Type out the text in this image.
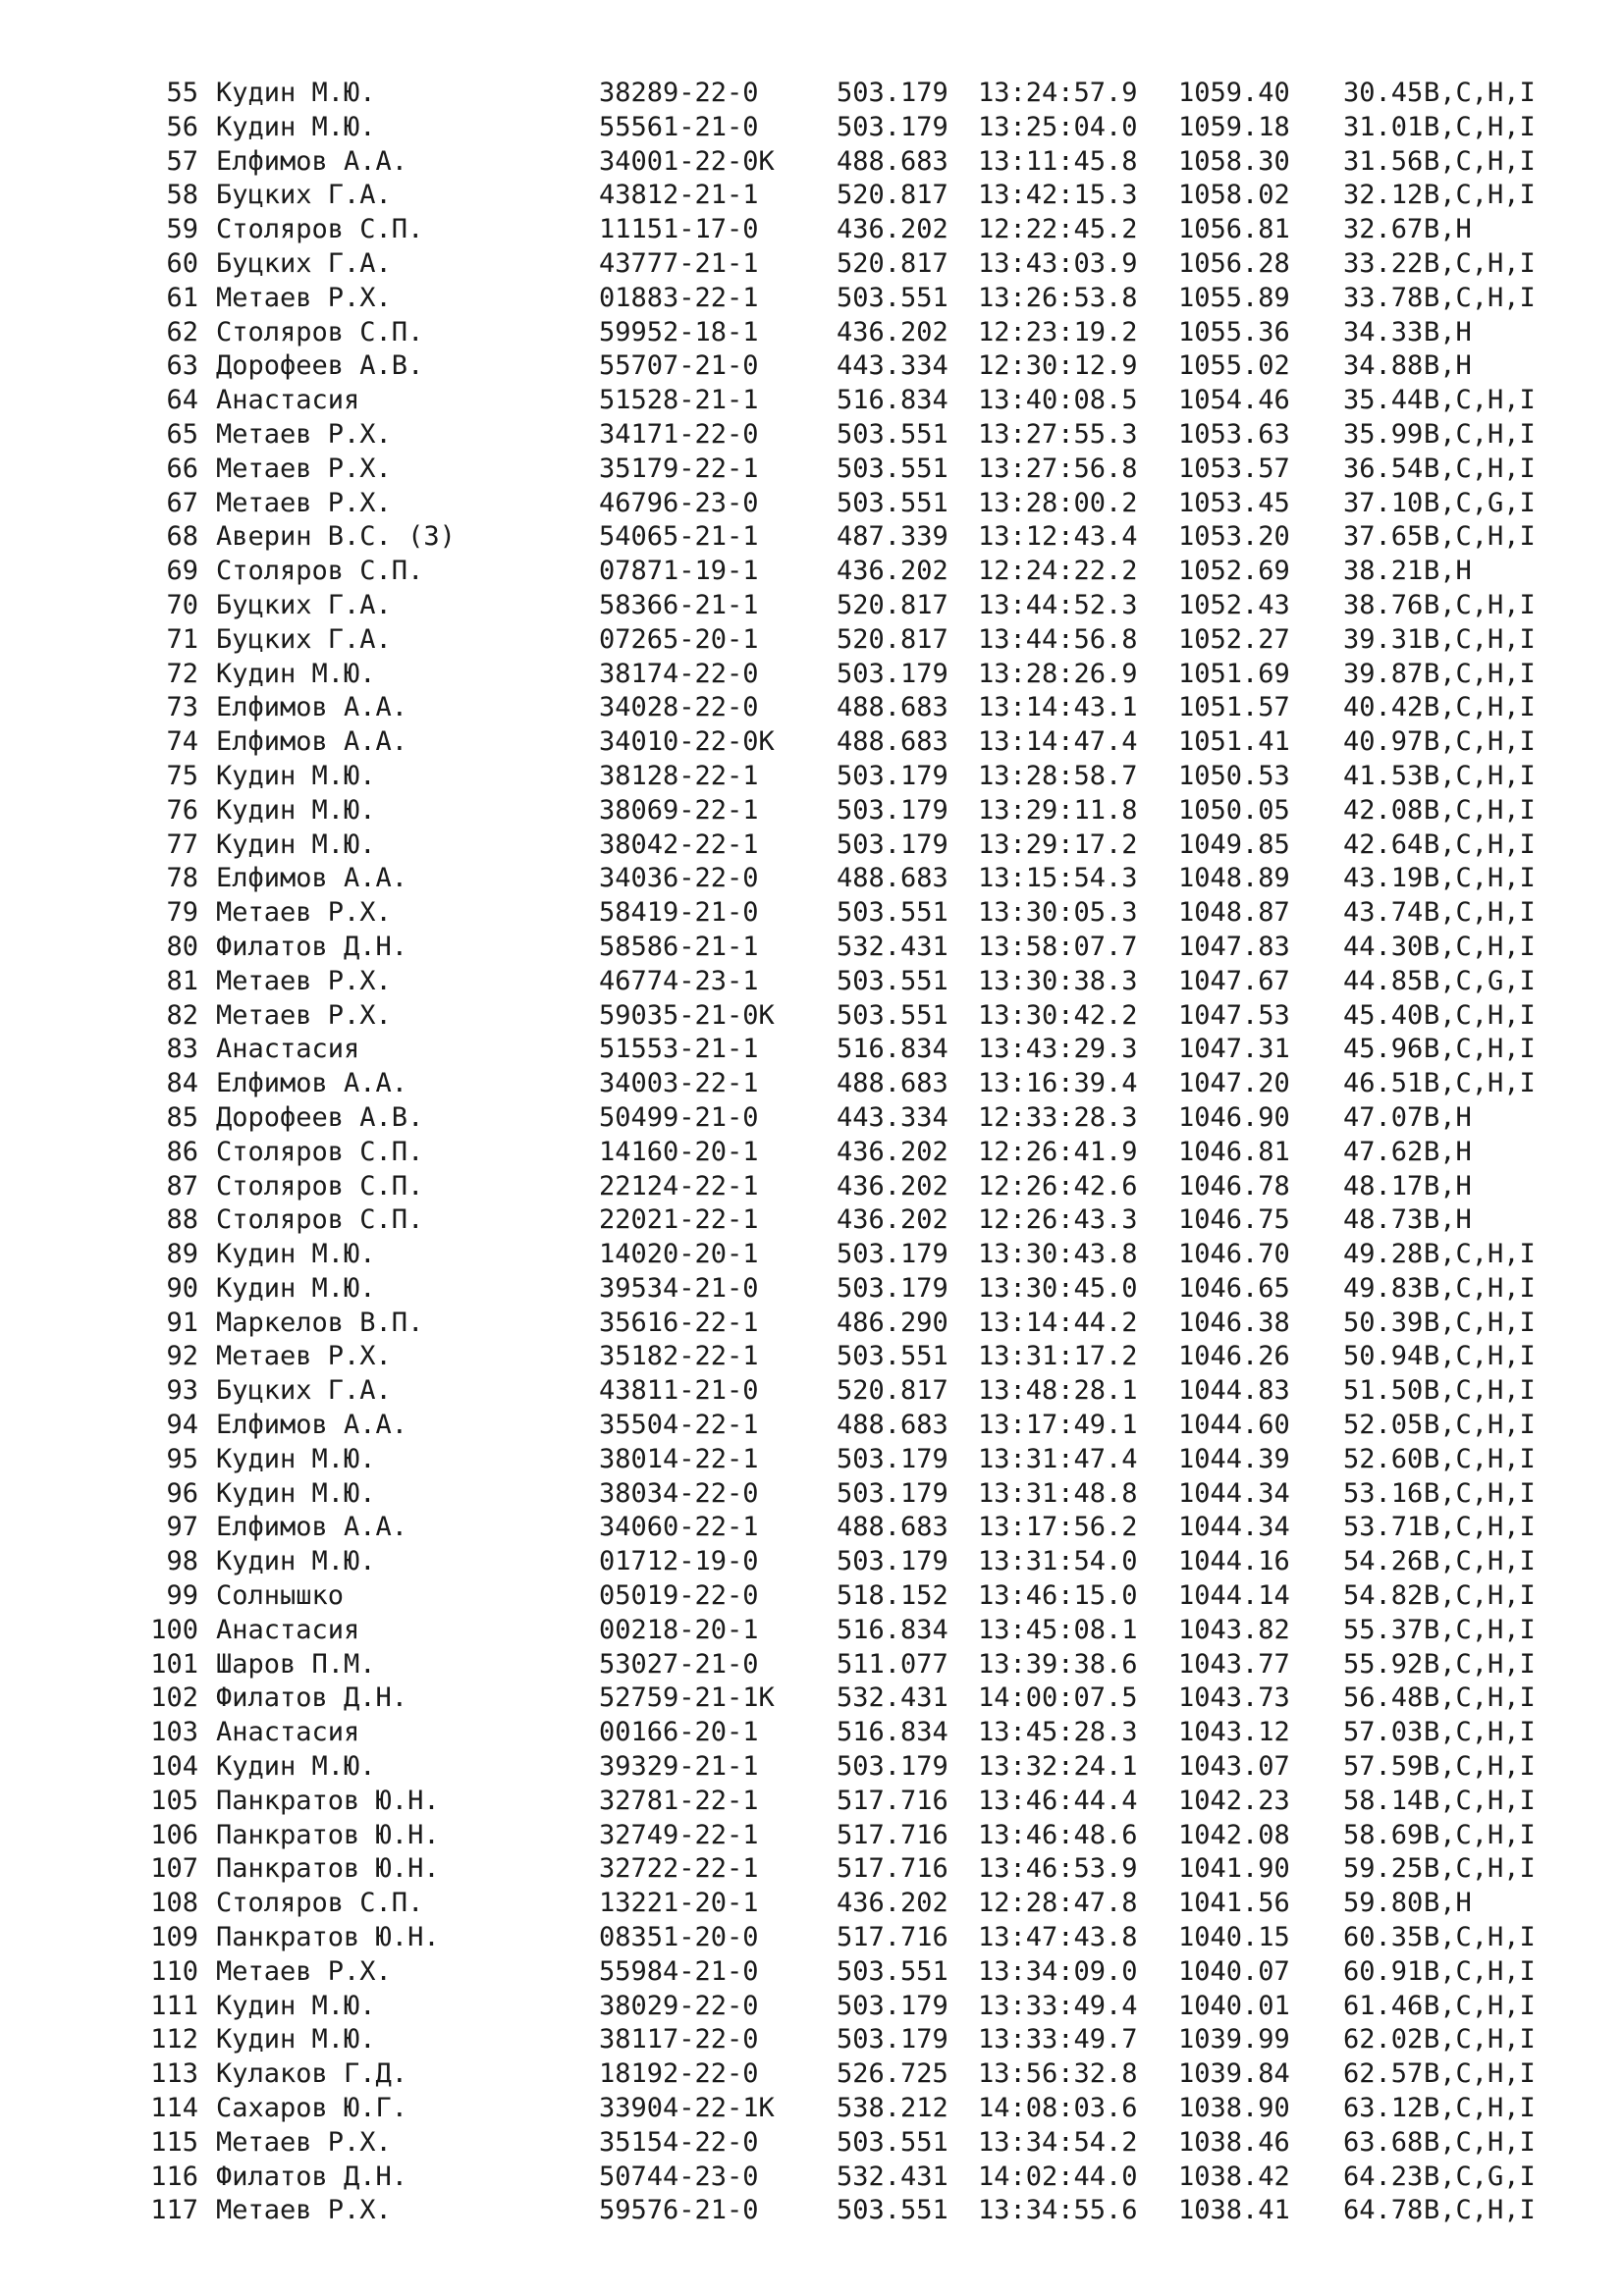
55 Кудин М.Ю.	38289-22-0	503.179 13:24:57.9 1059.40 30.45 B,C,H,I
56 Кудин М.Ю.	55561-21-0	503.179 13:25:04.0 1059.18 31.01 B,C,H,I
57 Елфимов А.А.	34001-22-0K 488.683 13:11:45.8 1058.30 31.56 B,C,H,I
58 Буцких Г.А.	43812-21-1	520.817 13:42:15.3 1058.02 32.12 B,C,H,I
59 Столяров С.П.	11151-17-0	436.202 12:22:45.2 1056.81 32.67 B,H
60 Буцких Г.А.	43777-21-1	520.817 13:43:03.9 1056.28 33.22 B,C,H,I
61 Метаев Р.Х.	01883-22-1	503.551 13:26:53.8 1055.89 33.78 B,C,H,I
62 Столяров С.П.	59952-18-1	436.202 12:23:19.2 1055.36 34.33 B,H
63 Дорофеев А.В.	55707-21-0	443.334 12:30:12.9 1055.02 34.88 B,H
64 Анастасия	51528-21-1	516.834 13:40:08.5 1054.46 35.44 B,C,H,I
65 Метаев Р.Х.	34171-22-0	503.551 13:27:55.3 1053.63 35.99 B,C,H,I
66 Метаев Р.Х.	35179-22-1	503.551 13:27:56.8 1053.57 36.54 B,C,H,I
67 Метаев Р.Х.	46796-23-0	503.551 13:28:00.2 1053.45 37.10 B,C,G,I
68 Аверин В.С. (З)	54065-21-1	487.339 13:12:43.4 1053.20 37.65 B,C,H,I
69 Столяров С.П.	07871-19-1	436.202 12:24:22.2 1052.69 38.21 B,H
70 Буцких Г.А.	58366-21-1	520.817 13:44:52.3 1052.43 38.76 B,C,H,I
71 Буцких Г.А.	07265-20-1	520.817 13:44:56.8 1052.27 39.31 B,C,H,I
72 Кудин М.Ю.	38174-22-0	503.179 13:28:26.9 1051.69 39.87 B,C,H,I
73 Елфимов А.А.	34028-22-0	488.683 13:14:43.1 1051.57 40.42 B,C,H,I
74 Елфимов А.А.	34010-22-0K 488.683 13:14:47.4 1051.41 40.97 B,C,H,I
75 Кудин М.Ю.	38128-22-1	503.179 13:28:58.7 1050.53 41.53 B,C,H,I
76 Кудин М.Ю.	38069-22-1	503.179 13:29:11.8 1050.05 42.08 B,C,H,I
77 Кудин М.Ю.	38042-22-1	503.179 13:29:17.2 1049.85 42.64 B,C,H,I
78 Елфимов А.А.	34036-22-0	488.683 13:15:54.3 1048.89 43.19 B,C,H,I
79 Метаев Р.Х.	58419-21-0	503.551 13:30:05.3 1048.87 43.74 B,C,H,I
80 Филатов Д.Н.	58586-21-1	532.431 13:58:07.7 1047.83 44.30 B,C,H,I
81 Метаев Р.Х.	46774-23-1	503.551 13:30:38.3 1047.67 44.85 B,C,G,I
82 Метаев Р.Х.	59035-21-0K 503.551 13:30:42.2 1047.53 45.40 B,C,H,I
83 Анастасия	51553-21-1	516.834 13:43:29.3 1047.31 45.96 B,C,H,I
84 Елфимов А.А.	34003-22-1	488.683 13:16:39.4 1047.20 46.51 B,C,H,I
85 Дорофеев А.В.	50499-21-0	443.334 12:33:28.3 1046.90 47.07 B,H
86 Столяров С.П.	14160-20-1	436.202 12:26:41.9 1046.81 47.62 B,H
87 Столяров С.П.	22124-22-1	436.202 12:26:42.6 1046.78 48.17 B,H
88 Столяров С.П.	22021-22-1	436.202 12:26:43.3 1046.75 48.73 B,H
89 Кудин М.Ю.	14020-20-1	503.179 13:30:43.8 1046.70 49.28 B,C,H,I
90 Кудин М.Ю.	39534-21-0	503.179 13:30:45.0 1046.65 49.83 B,C,H,I
91 Маркелов В.П.	35616-22-1	486.290 13:14:44.2 1046.38 50.39 B,C,H,I
92 Метаев Р.Х.	35182-22-1	503.551 13:31:17.2 1046.26 50.94 B,C,H,I
93 Буцких Г.А.	43811-21-0	520.817 13:48:28.1 1044.83 51.50 B,C,H,I
94 Елфимов А.А.	35504-22-1	488.683 13:17:49.1 1044.60 52.05 B,C,H,I
95 Кудин М.Ю.	38014-22-1	503.179 13:31:47.4 1044.39 52.60 B,C,H,I
96 Кудин М.Ю.	38034-22-0	503.179 13:31:48.8 1044.34 53.16 B,C,H,I
97 Елфимов А.А.	34060-22-1	488.683 13:17:56.2 1044.34 53.71 B,C,H,I
98 Кудин М.Ю.	01712-19-0	503.179 13:31:54.0 1044.16 54.26 B,C,H,I
99 Солнышко	05019-22-0	518.152 13:46:15.0 1044.14 54.82 B,C,H,I
100 Анастасия	00218-20-1	516.834 13:45:08.1 1043.82 55.37 B,C,H,I
101 Шаров П.М.	53027-21-0	511.077 13:39:38.6 1043.77 55.92 B,C,H,I
102 Филатов Д.Н.	52759-21-1K 532.431 14:00:07.5 1043.73 56.48 B,C,H,I
103 Анастасия	00166-20-1	516.834 13:45:28.3 1043.12 57.03 B,C,H,I
104 Кудин М.Ю.	39329-21-1	503.179 13:32:24.1 1043.07 57.59 B,C,H,I
105 Панкратов Ю.Н.	32781-22-1	517.716 13:46:44.4 1042.23 58.14 B,C,H,I
106 Панкратов Ю.Н.	32749-22-1	517.716 13:46:48.6 1042.08 58.69 B,C,H,I
107 Панкратов Ю.Н.	32722-22-1	517.716 13:46:53.9 1041.90 59.25 B,C,H,I
108 Столяров С.П.	13221-20-1	436.202 12:28:47.8 1041.56 59.80 B,H
109 Панкратов Ю.Н.	08351-20-0	517.716 13:47:43.8 1040.15 60.35 B,C,H,I
110 Метаев Р.Х.	55984-21-0	503.551 13:34:09.0 1040.07 60.91 B,C,H,I
111 Кудин М.Ю.	38029-22-0	503.179 13:33:49.4 1040.01 61.46 B,C,H,I
112 Кудин М.Ю.	38117-22-0	503.179 13:33:49.7 1039.99 62.02 B,C,H,I
113 Кулаков Г.Д.	18192-22-0	526.725 13:56:32.8 1039.84 62.57 B,C,H,I
114 Сахаров Ю.Г.	33904-22-1K 538.212 14:08:03.6 1038.90 63.12 B,C,H,I
115 Метаев Р.Х.	35154-22-0	503.551 13:34:54.2 1038.46 63.68 B,C,H,I
116 Филатов Д.Н.	50744-23-0	532.431 14:02:44.0 1038.42 64.23 B,C,G,I
117 Метаев Р.Х.	59576-21-0	503.551 13:34:55.6 1038.41 64.78 B,C,H,I
